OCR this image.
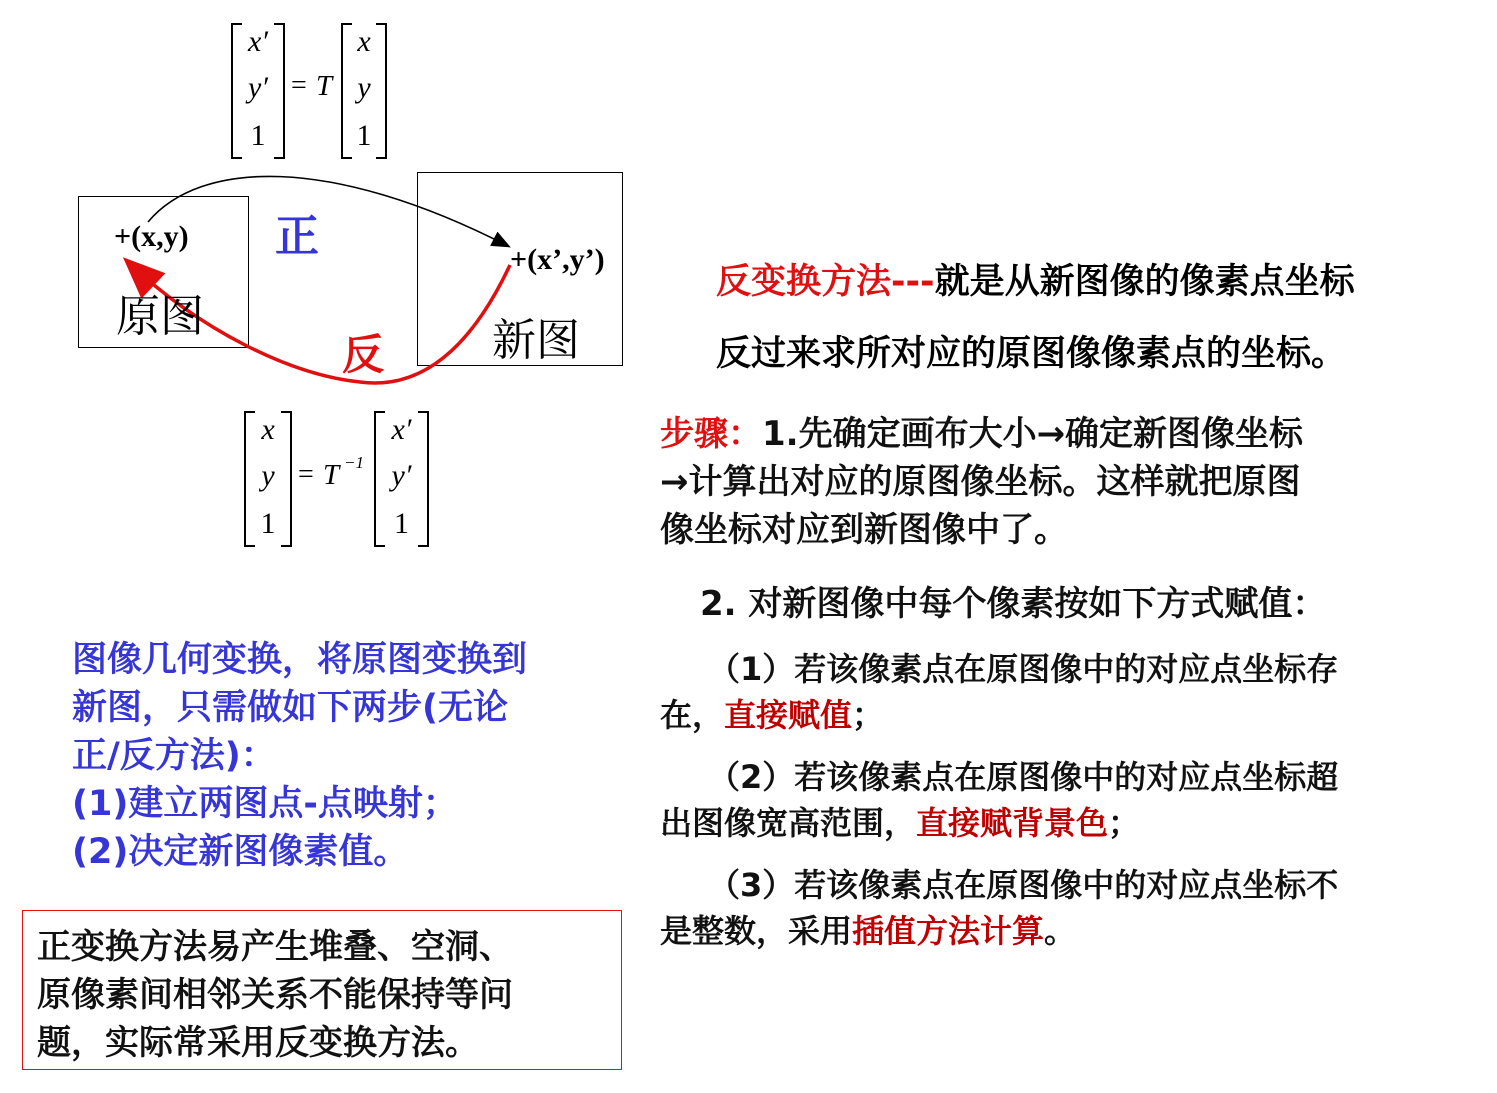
x′
y′
1
= T
x
y
1
+(x,y)
原图
+(x’,y’)
新图
正
反
x
y
1
= T −1
x′
y′
1
图像几何变换，将原图变换到
新图，只需做如下两步(无论
正/反方法)：
(1)建立两图点-点映射；
(2)决定新图像素值。
正变换方法易产生堆叠、空洞、
原像素间相邻关系不能保持等问
题，实际常采用反变换方法。
反变换方法---就是从新图像的像素点坐标
反过来求所对应的原图像像素点的坐标。
步骤：1.先确定画布大小→确定新图像坐标
→计算出对应的原图像坐标。这样就把原图
像坐标对应到新图像中了。
2. 对新图像中每个像素按如下方式赋值：
（1）若该像素点在原图像中的对应点坐标存
在，直接赋值；
（2）若该像素点在原图像中的对应点坐标超
出图像宽高范围，直接赋背景色；
（3）若该像素点在原图像中的对应点坐标不
是整数，采用插值方法计算。
